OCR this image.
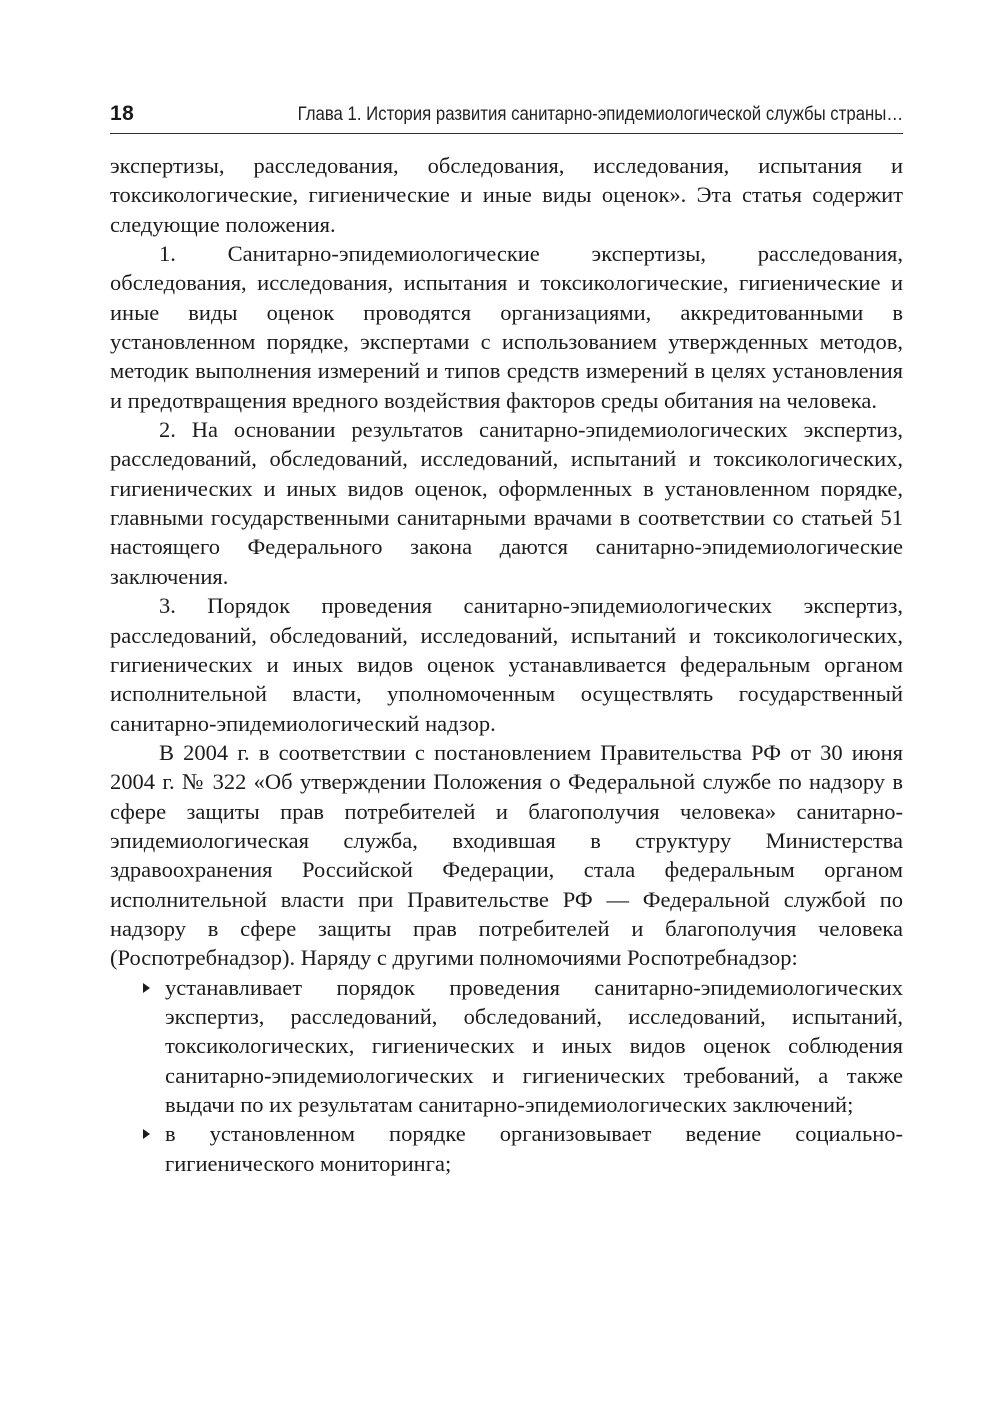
18	Глава 1. История развития санитарно-эпидемиологической службы страны…

экспертизы, расследования, обследования, исследования, испытания и токсикологические, гигиенические и иные виды оценок». Эта статья содержит следующие положения.

1. Санитарно-эпидемиологические экспертизы, расследования, обследования, исследования, испытания и токсикологические, гигиенические и иные виды оценок проводятся организациями, аккредитованными в установленном порядке, экспертами с использованием утвержденных методов, методик выполнения измерений и типов средств измерений в целях установления и предотвращения вредного воздействия факторов среды обитания на человека.

2. На основании результатов санитарно-эпидемиологических экспертиз, расследований, обследований, исследований, испытаний и токсикологических, гигиенических и иных видов оценок, оформленных в установленном порядке, главными государственными санитарными врачами в соответствии со статьей 51 настоящего Федерального закона даются санитарно-эпидемиологические заключения.

3. Порядок проведения санитарно-эпидемиологических экспертиз, расследований, обследований, исследований, испытаний и токсикологических, гигиенических и иных видов оценок устанавливается федеральным органом исполнительной власти, уполномоченным осуществлять государственный санитарно-эпидемиологический надзор.

В 2004 г. в соответствии с постановлением Правительства РФ от 30 июня 2004 г. № 322 «Об утверждении Положения о Федеральной службе по надзору в сфере защиты прав потребителей и благополучия человека» санитарно-эпидемиологическая служба, входившая в структуру Министерства здравоохранения Российской Федерации, стала федеральным органом исполнительной власти при Правительстве РФ — Федеральной службой по надзору в сфере защиты прав потребителей и благополучия человека (Роспотребнадзор). Наряду с другими полномочиями Роспотребнадзор:

устанавливает порядок проведения санитарно-эпидемиологических экспертиз, расследований, обследований, исследований, испытаний, токсикологических, гигиенических и иных видов оценок соблюдения санитарно-эпидемиологических и гигиенических требований, а также выдачи по их результатам санитарно-эпидемиологических заключений;
в установленном порядке организовывает ведение социально-гигиенического мониторинга;
